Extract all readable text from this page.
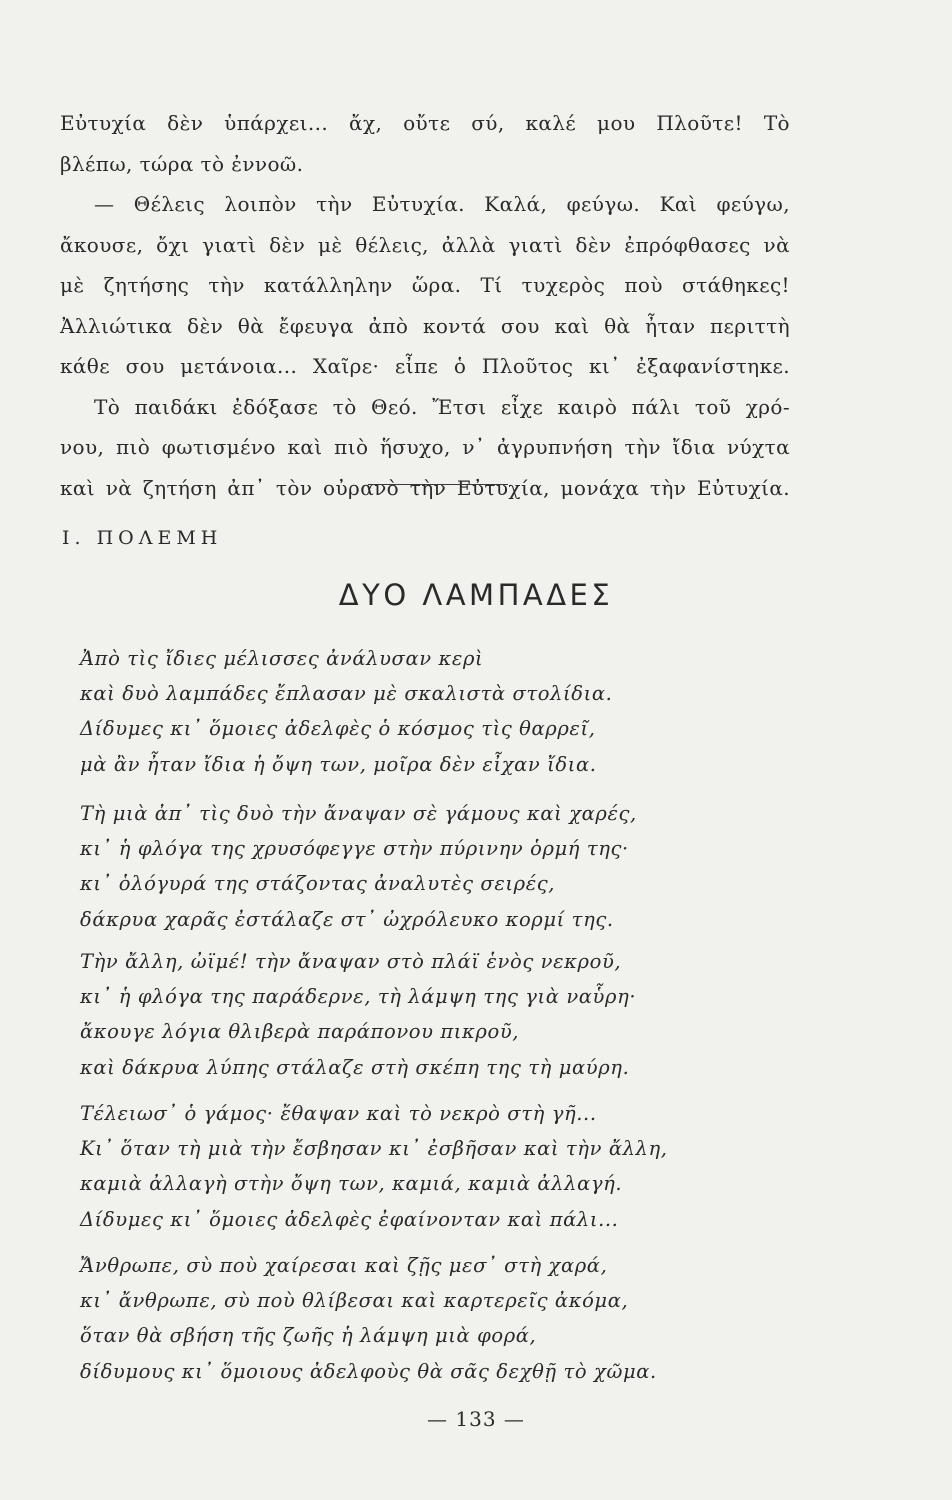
Εὐτυχία δὲν ὑπάρχει... ἄχ, οὔτε σύ, καλέ μου Πλοῦτε! Τὸ
βλέπω, τώρα τὸ ἐννοῶ.
— Θέλεις λοιπὸν τὴν Εὐτυχία. Καλά, φεύγω. Καὶ φεύγω,
ἄκουσε, ὄχι γιατὶ δὲν μὲ θέλεις, ἀλλὰ γιατὶ δὲν ἐπρόφθασες νὰ
μὲ ζητήσης τὴν κατάλληλην ὥρα. Τί τυχερὸς ποὺ στάθηκες!
Ἀλλιώτικα δὲν θὰ ἔφευγα ἀπὸ κοντά σου καὶ θὰ ἦταν περιττὴ
κάθε σου μετάνοια... Χαῖρε· εἶπε ὁ Πλοῦτος κι᾿ ἐξαφανίστηκε.
Τὸ παιδάκι ἐδόξασε τὸ Θεό. Ἔτσι εἶχε καιρὸ πάλι τοῦ χρό-
νου, πιὸ φωτισμένο καὶ πιὸ ἥσυχο, ν᾿ ἀγρυπνήση τὴν ἴδια νύχτα
καὶ νὰ ζητήση ἀπ᾿ τὸν οὐρανὸ τὴν Εὐτυχία, μονάχα τὴν Εὐτυχία.
Ι. ΠΟΛΕΜΗ
ΔΥΟ ΛΑΜΠΑΔΕΣ
Ἀπὸ τὶς ἴδιες μέλισσες ἀνάλυσαν κερὶ
καὶ δυὸ λαμπάδες ἔπλασαν μὲ σκαλιστὰ στολίδια.
Δίδυμες κι᾿ ὅμοιες ἀδελφὲς ὁ κόσμος τὶς θαρρεῖ,
μὰ ἂν ἦταν ἴδια ἡ ὄψη των, μοῖρα δὲν εἶχαν ἴδια.
Τὴ μιὰ ἀπ᾿ τὶς δυὸ τὴν ἄναψαν σὲ γάμους καὶ χαρές,
κι᾿ ἡ φλόγα της χρυσόφεγγε στὴν πύρινην ὁρμή της·
κι᾿ ὁλόγυρά της στάζοντας ἀναλυτὲς σειρές,
δάκρυα χαρᾶς ἐστάλαζε στ᾿ ὠχρόλευκο κορμί της.
Τὴν ἄλλη, ὠϊμέ! τὴν ἄναψαν στὸ πλάϊ ἑνὸς νεκροῦ,
κι᾿ ἡ φλόγα της παράδερνε, τὴ λάμψη της γιὰ ναὗρη·
ἄκουγε λόγια θλιβερὰ παράπονου πικροῦ,
καὶ δάκρυα λύπης στάλαζε στὴ σκέπη της τὴ μαύρη.
Τέλειωσ᾿ ὁ γάμος· ἔθαψαν καὶ τὸ νεκρὸ στὴ γῆ...
Κι᾿ ὅταν τὴ μιὰ τὴν ἔσβησαν κι᾿ ἐσβῆσαν καὶ τὴν ἄλλη,
καμιὰ ἀλλαγὴ στὴν ὄψη των, καμιά, καμιὰ ἀλλαγή.
Δίδυμες κι᾿ ὅμοιες ἀδελφὲς ἐφαίνονταν καὶ πάλι...
Ἄνθρωπε, σὺ ποὺ χαίρεσαι καὶ ζῇς μεσ᾿ στὴ χαρά,
κι᾿ ἄνθρωπε, σὺ ποὺ θλίβεσαι καὶ καρτερεῖς ἀκόμα,
ὅταν θὰ σβήση τῆς ζωῆς ἡ λάμψη μιὰ φορά,
δίδυμους κι᾿ ὅμοιους ἀδελφοὺς θὰ σᾶς δεχθῇ τὸ χῶμα.
— 133 —
